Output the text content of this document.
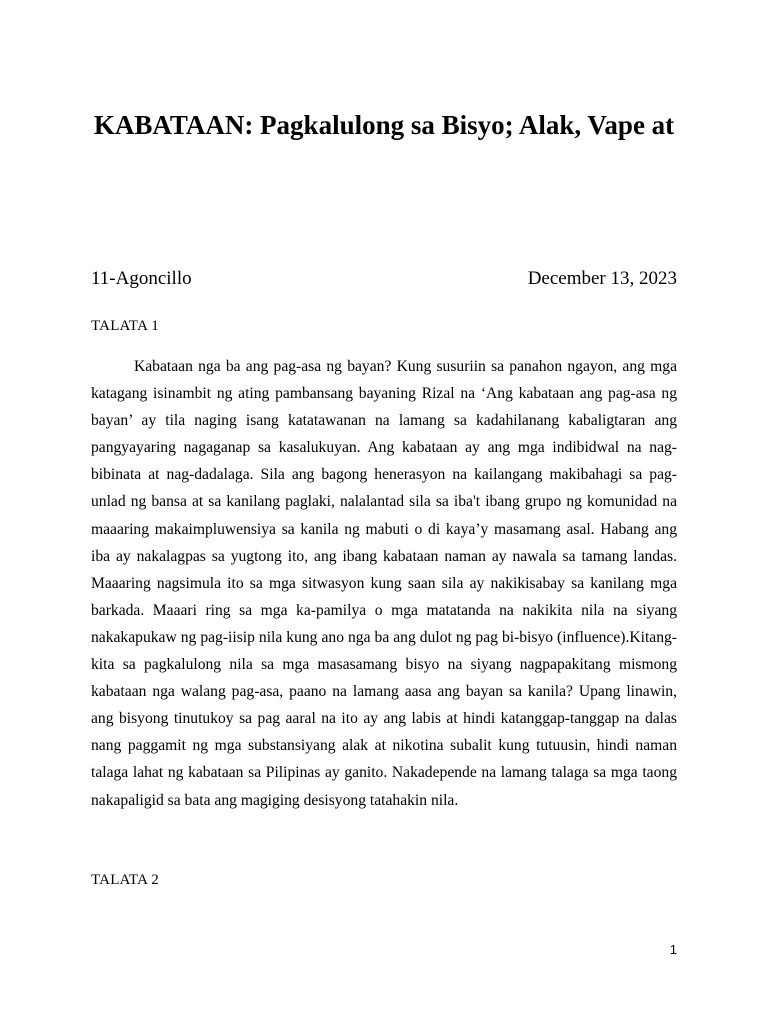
KABATAAN: Pagkalulong sa Bisyo; Alak, Vape at
11-Agoncillo	December 13, 2023
TALATA 1

Kabataan nga ba ang pag-asa ng bayan? Kung susuriin sa panahon ngayon, ang mga katagang isinambit ng ating pambansang bayaning Rizal na ‘Ang kabataan ang pag-asa ng bayan’ ay tila naging isang katatawanan na lamang sa kadahilanang kabaligtaran ang pangyayaring nagaganap sa kasalukuyan. Ang kabataan ay ang mga indibidwal na nag-bibinata at nag-dadalaga. Sila ang bagong henerasyon na kailangang makibahagi sa pag-unlad ng bansa at sa kanilang paglaki, nalalantad sila sa iba't ibang grupo ng komunidad na maaaring makaimpluwensiya sa kanila ng mabuti o di kaya’y masamang asal. Habang ang iba ay nakalagpas sa yugtong ito, ang ibang kabataan naman ay nawala sa tamang landas. Maaaring nagsimula ito sa mga sitwasyon kung saan sila ay nakikisabay sa kanilang mga barkada. Maaari ring sa mga ka-pamilya o mga matatanda na nakikita nila na siyang nakakapukaw ng pag-iisip nila kung ano nga ba ang dulot ng pag bi-bisyo (influence).Kitang-kita sa pagkalulong nila sa mga masasamang bisyo na siyang nagpapakitang mismong kabataan nga walang pag-asa, paano na lamang aasa ang bayan sa kanila? Upang linawin, ang bisyong tinutukoy sa pag aaral na ito ay ang labis at hindi katanggap-tanggap na dalas nang paggamit ng mga substansiyang alak at nikotina subalit kung tutuusin, hindi naman talaga lahat ng kabataan sa Pilipinas ay ganito. Nakadepende na lamang talaga sa mga taong nakapaligid sa bata ang magiging desisyong tatahakin nila.

TALATA 2
1
